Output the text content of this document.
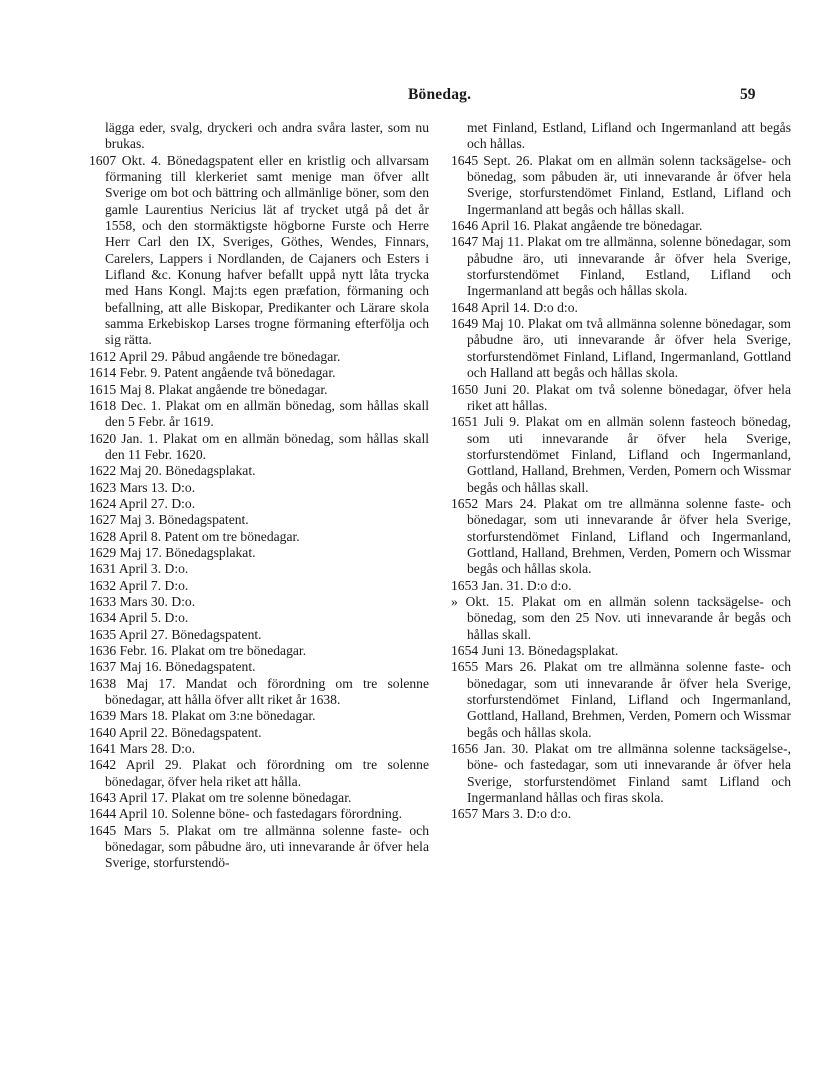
Bönedag.	59

lägga eder, svalg, dryckeri och andra svåra laster, som nu brukas.

1607 Okt. 4. Bönedagspatent eller en kristlig och allvarsam förmaning till klerkeriet samt menige man öfver allt Sverige om bot och bättring och allmänlige böner, som den gamle Laurentius Nericius lät af trycket utgå på det år 1558, och den stormäktigste högborne Furste och Herre Herr Carl den IX, Sveriges, Göthes, Wendes, Finnars, Carelers, Lappers i Nordlanden, de Cajaners och Esters i Lifland &c. Konung hafver befallt uppå nytt låta trycka med Hans Kongl. Maj:ts egen præfation, förmaning och befallning, att alle Biskopar, Predikanter och Lärare skola samma Erkebiskop Larses trogne förmaning efterfölja och sig rätta.

1612 April 29. Påbud angående tre bönedagar.

1614 Febr. 9. Patent angående två bönedagar.

1615 Maj 8. Plakat angående tre bönedagar.

1618 Dec. 1. Plakat om en allmän bönedag, som hållas skall den 5 Febr. år 1619.

1620 Jan. 1. Plakat om en allmän bönedag, som hållas skall den 11 Febr. 1620.

1622 Maj 20. Bönedagsplakat.

1623 Mars 13. D:o.

1624 April 27. D:o.

1627 Maj 3. Bönedagspatent.

1628 April 8. Patent om tre bönedagar.

1629 Maj 17. Bönedagsplakat.

1631 April 3. D:o.

1632 April 7. D:o.

1633 Mars 30. D:o.

1634 April 5. D:o.

1635 April 27. Bönedagspatent.

1636 Febr. 16. Plakat om tre bönedagar.

1637 Maj 16. Bönedagspatent.

1638 Maj 17. Mandat och förordning om tre solenne bönedagar, att hålla öfver allt riket år 1638.

1639 Mars 18. Plakat om 3:ne bönedagar.

1640 April 22. Bönedagspatent.

1641 Mars 28. D:o.

1642 April 29. Plakat och förordning om tre solenne bönedagar, öfver hela riket att hålla.

1643 April 17. Plakat om tre solenne bönedagar.

1644 April 10. Solenne böne- och fastedagars förordning.

1645 Mars 5. Plakat om tre allmänna solenne faste- och bönedagar, som påbudne äro, uti innevarande år öfver hela Sverige, storfurstendö-

met Finland, Estland, Lifland och Ingermanland att begås och hållas.

1645 Sept. 26. Plakat om en allmän solenn tacksägelse- och bönedag, som påbuden är, uti innevarande år öfver hela Sverige, storfurstendömet Finland, Estland, Lifland och Ingermanland att begås och hållas skall.

1646 April 16. Plakat angående tre bönedagar.

1647 Maj 11. Plakat om tre allmänna, solenne bönedagar, som påbudne äro, uti innevarande år öfver hela Sverige, storfurstendömet Finland, Estland, Lifland och Ingermanland att begås och hållas skola.

1648 April 14. D:o d:o.

1649 Maj 10. Plakat om två allmänna solenne bönedagar, som påbudne äro, uti innevarande år öfver hela Sverige, storfurstendömet Finland, Lifland, Ingermanland, Gottland och Halland att begås och hållas skola.

1650 Juni 20. Plakat om två solenne bönedagar, öfver hela riket att hållas.

1651 Juli 9. Plakat om en allmän solenn fasteoch bönedag, som uti innevarande år öfver hela Sverige, storfurstendömet Finland, Lifland och Ingermanland, Gottland, Halland, Brehmen, Verden, Pomern och Wissmar begås och hållas skall.

1652 Mars 24. Plakat om tre allmänna solenne faste- och bönedagar, som uti innevarande år öfver hela Sverige, storfurstendömet Finland, Lifland och Ingermanland, Gottland, Halland, Brehmen, Verden, Pomern och Wissmar begås och hållas skola.

1653 Jan. 31. D:o d:o.

» Okt. 15. Plakat om en allmän solenn tacksägelse- och bönedag, som den 25 Nov. uti innevarande år begås och hållas skall.

1654 Juni 13. Bönedagsplakat.

1655 Mars 26. Plakat om tre allmänna solenne faste- och bönedagar, som uti innevarande år öfver hela Sverige, storfurstendömet Finland, Lifland och Ingermanland, Gottland, Halland, Brehmen, Verden, Pomern och Wissmar begås och hållas skola.

1656 Jan. 30. Plakat om tre allmänna solenne tacksägelse-, böne- och fastedagar, som uti innevarande år öfver hela Sverige, storfurstendömet Finland samt Lifland och Ingermanland hållas och firas skola.

1657 Mars 3. D:o d:o.
